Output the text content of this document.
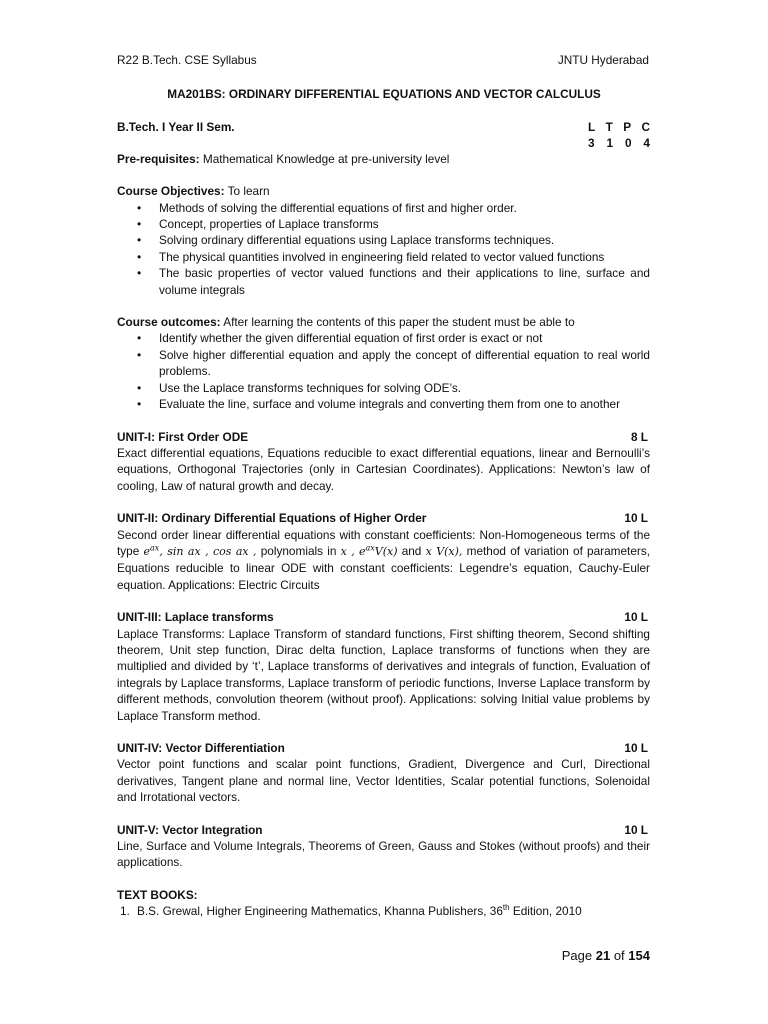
R22 B.Tech. CSE Syllabus	JNTU Hyderabad
MA201BS: ORDINARY DIFFERENTIAL EQUATIONS AND VECTOR CALCULUS
B.Tech. I Year II Sem.	L T P C
3 1 0 4

Pre-requisites: Mathematical Knowledge at pre-university level

Course Objectives: To learn

• Methods of solving the differential equations of first and higher order.
• Concept, properties of Laplace transforms
• Solving ordinary differential equations using Laplace transforms techniques.
• The physical quantities involved in engineering field related to vector valued functions
• The basic properties of vector valued functions and their applications to line, surface and volume integrals

Course outcomes: After learning the contents of this paper the student must be able to

• Identify whether the given differential equation of first order is exact or not
• Solve higher differential equation and apply the concept of differential equation to real world problems.
• Use the Laplace transforms techniques for solving ODE’s.
• Evaluate the line, surface and volume integrals and converting them from one to another
UNIT-I: First Order ODE	8 L

Exact differential equations, Equations reducible to exact differential equations, linear and Bernoulli’s equations, Orthogonal Trajectories (only in Cartesian Coordinates). Applications: Newton’s law of cooling, Law of natural growth and decay.

UNIT-II: Ordinary Differential Equations of Higher Order	10 L

Second order linear differential equations with constant coefficients: Non-Homogeneous terms of the type $e^{ax}$, sin ax , cos ax , polynomials in x , $e^{ax}V(x)$ and x V(x), method of variation of parameters, Equations reducible to linear ODE with constant coefficients: Legendre’s equation, Cauchy-Euler equation. Applications: Electric Circuits

UNIT-III: Laplace transforms	10 L

Laplace Transforms: Laplace Transform of standard functions, First shifting theorem, Second shifting theorem, Unit step function, Dirac delta function, Laplace transforms of functions when they are multiplied and divided by ‘t’, Laplace transforms of derivatives and integrals of function, Evaluation of integrals by Laplace transforms, Laplace transform of periodic functions, Inverse Laplace transform by different methods, convolution theorem (without proof). Applications: solving Initial value problems by Laplace Transform method.

UNIT-IV: Vector Differentiation	10 L

Vector point functions and scalar point functions, Gradient, Divergence and Curl, Directional derivatives, Tangent plane and normal line, Vector Identities, Scalar potential functions, Solenoidal and Irrotational vectors.

UNIT-V: Vector Integration	10 L

Line, Surface and Volume Integrals, Theorems of Green, Gauss and Stokes (without proofs) and their applications.

TEXT BOOKS:

1. B.S. Grewal, Higher Engineering Mathematics, Khanna Publishers, 36th Edition, 2010
Page 21 of 154
